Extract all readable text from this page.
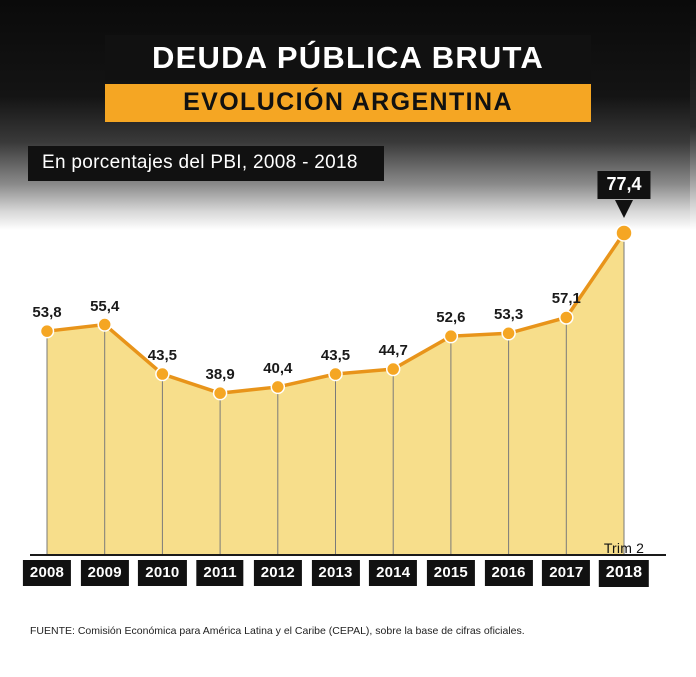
DEUDA PÚBLICA BRUTA
EVOLUCIÓN ARGENTINA
En porcentajes del PBI, 2008 - 2018
53,8 55,4
43,5
38,9 40,4
43,5 44,7
52,6 53,3
57,1
77,4
2008	2009	2010	2011	2012	2013	2014	2015	2016	2017	2018
Trim 2
FUENTE: Comisión Económica para América Latina y el Caribe (CEPAL), sobre la base de cifras oficiales.
